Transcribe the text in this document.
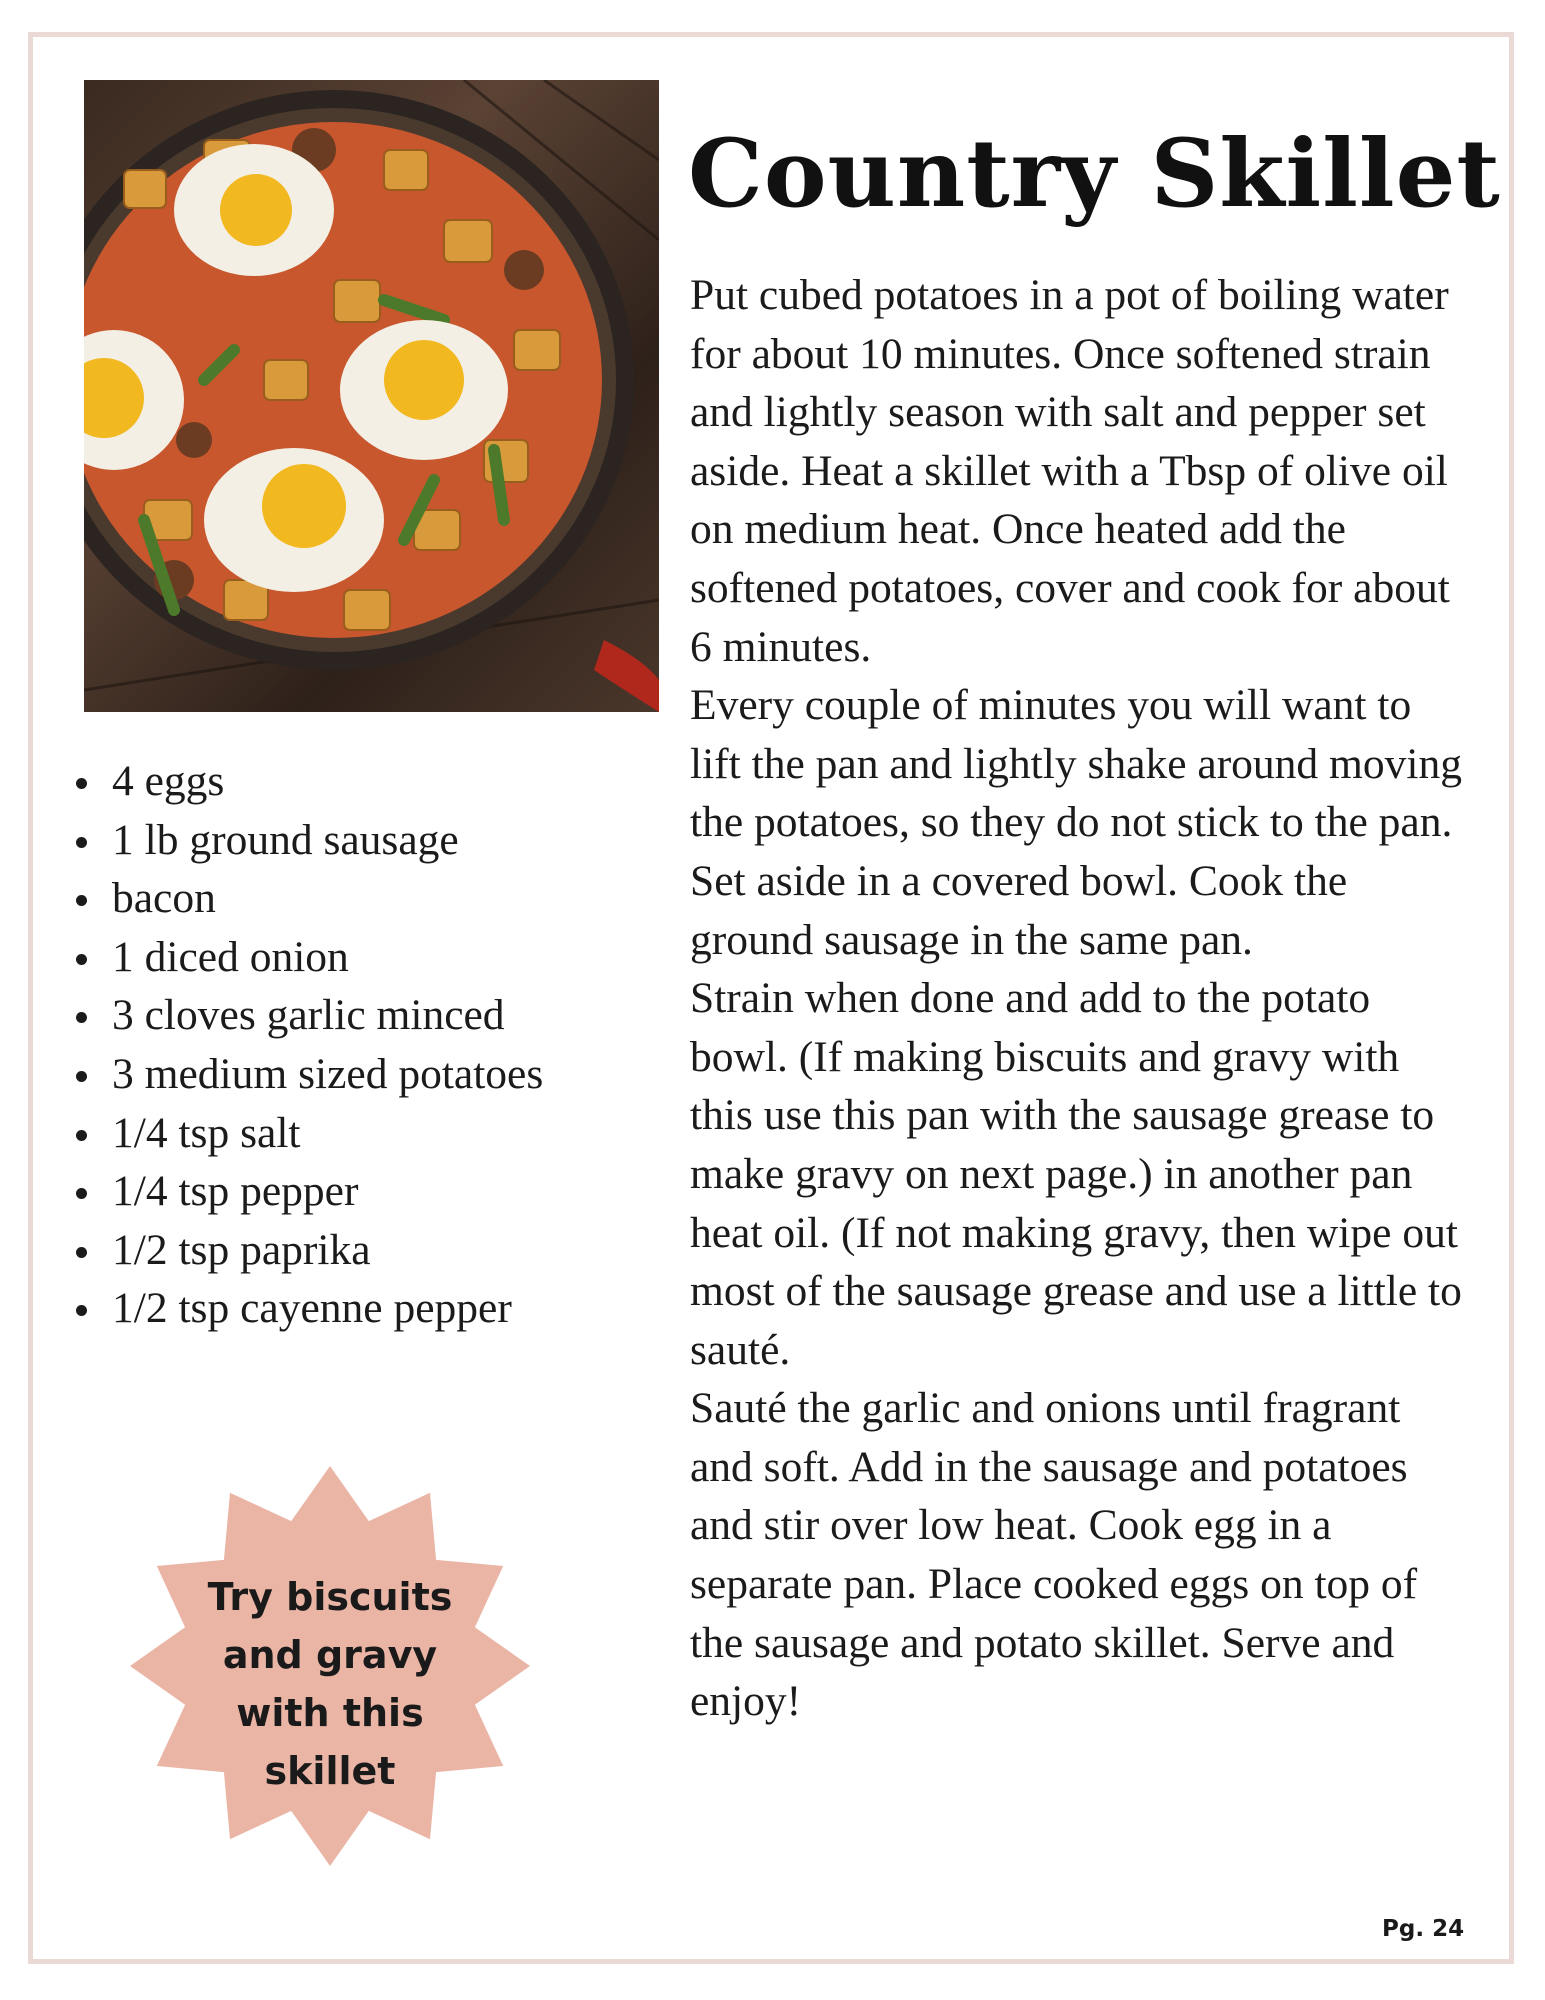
Country Skillet

Put cubed potatoes in a pot of boiling water for about 10 minutes. Once softened strain and lightly season with salt and pepper set aside. Heat a skillet with a Tbsp of olive oil on medium heat. Once heated add the softened potatoes, cover and cook for about 6 minutes.

Every couple of minutes you will want to lift the pan and lightly shake around moving the potatoes, so they do not stick to the pan. Set aside in a covered bowl. Cook the ground sausage in the same pan.

Strain when done and add to the potato bowl. (If making biscuits and gravy with this use this pan with the sausage grease to make gravy on next page.) in another pan heat oil. (If not making gravy, then wipe out most of the sausage grease and use a little to sauté.

Sauté the garlic and onions until fragrant and soft. Add in the sausage and potatoes and stir over low heat. Cook egg in a separate pan. Place cooked eggs on top of the sausage and potato skillet. Serve and enjoy!

4 eggs
1 lb ground sausage
bacon
1 diced onion
3 cloves garlic minced
3 medium sized potatoes
1/4 tsp salt
1/4 tsp pepper
1/2 tsp paprika
1/2 tsp cayenne pepper
Try biscuits
and gravy
with this
skillet
Pg. 24
